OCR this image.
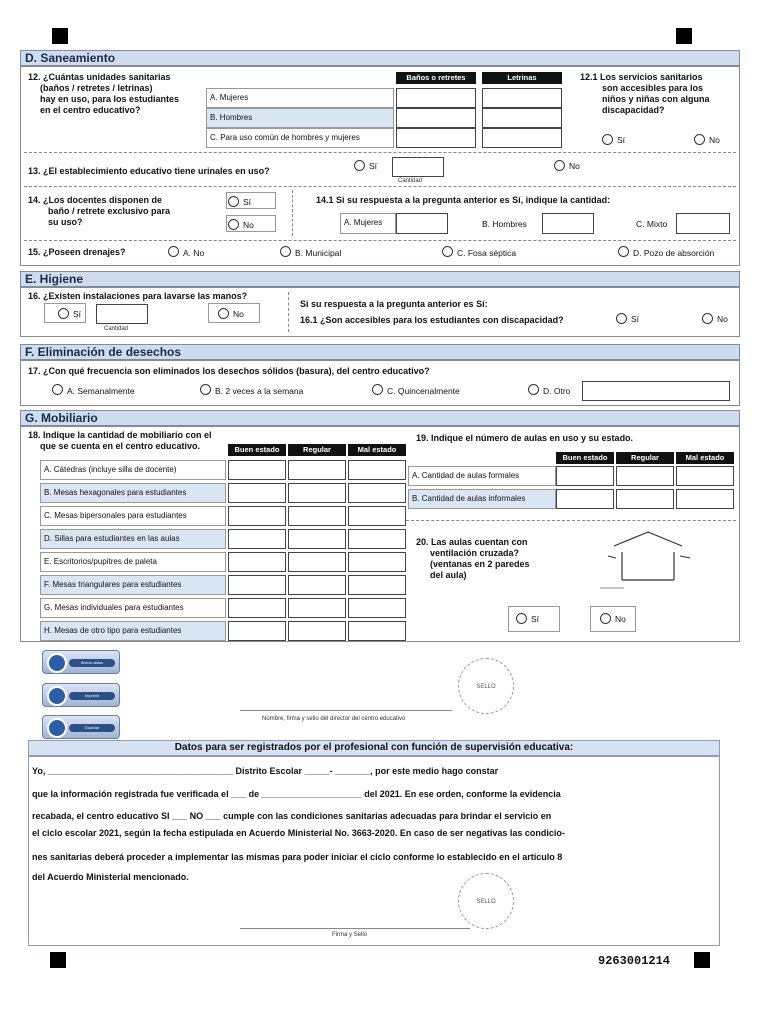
D. Saneamiento
12. ¿Cuántas unidades sanitarias
(baños / retretes / letrinas)
hay en uso, para los estudiantes
en el centro educativo?
Baños o retretes	Letrinas
A. Mujeres
B. Hombres
C. Para uso común de hombres y mujeres
12.1 Los servicios sanitarios
son accesibles para los
niños y niñas con alguna
discapacidad?
Sí	No
13. ¿El establecimiento educativo tiene urinales en uso?	Sí
Cantidad
No
14. ¿Los docentes disponen de
baño / retrete exclusivo para
su uso?
Sí
No
14.1 Si su respuesta a la pregunta anterior es Sí, indique la cantidad:
A. Mujeres	B. Hombres	C. Mixto
15. ¿Poseen drenajes?	A. No	B. Municipal	C. Fosa séptica	D. Pozo de absorción
E. Higiene
16. ¿Existen instalaciones para lavarse las manos?
Sí
Cantidad
No
Si su respuesta a la pregunta anterior es Sí:
16.1 ¿Son accesibles para los estudiantes con discapacidad?	Sí	No
F. Eliminación de desechos
17. ¿Con qué frecuencia son eliminados los desechos sólidos (basura), del centro educativo?
A. Semanalmente	B. 2 veces a la semana	C. Quincenalmente	D. Otro
G. Mobiliario
18. Indique la cantidad de mobiliario con el
que se cuenta en el centro educativo.	Buen estado	Regular	Mal estado
A. Cátedras (incluye silla de docente)
B. Mesas hexagonales para estudiantes
C. Mesas bipersonales para estudiantes
D. Sillas para estudiantes en las aulas
E. Escritorios/pupitres de paleta
F. Mesas triangulares para estudiantes
G. Mesas individuales para estudiantes
H. Mesas de otro tipo para estudiantes
19. Indique el número de aulas en uso y su estado.
Buen estado	Regular	Mal estado
A. Cantidad de aulas formales
B. Cantidad de aulas informales
20. Las aulas cuentan con
ventilación cruzada?
(ventanas en 2 paredes
del aula)
Sí	No
Borrar datos
Imprimir
Guardar
SELLO
Nombre, firma y sello del director del centro educativo
Datos para ser registrados por el profesional con función de supervisión educativa:
Yo, _____________________________________ Distrito Escolar _____- _______, por este medio hago constar
que la información registrada fue verificada el ___ de ____________________ del 2021. En ese orden, conforme la evidencia
recabada, el centro educativo SI ___ NO ___ cumple con las condiciones sanitarias adecuadas para brindar el servicio en
el ciclo escolar 2021, según la fecha estipulada en Acuerdo Ministerial No. 3663-2020. En caso de ser negativas las condicio-
nes sanitarias deberá proceder a implementar las mismas para poder iniciar el ciclo conforme lo establecido en el artículo 8
del Acuerdo Ministerial mencionado.
SELLO
Firma y Sello
9263001214
